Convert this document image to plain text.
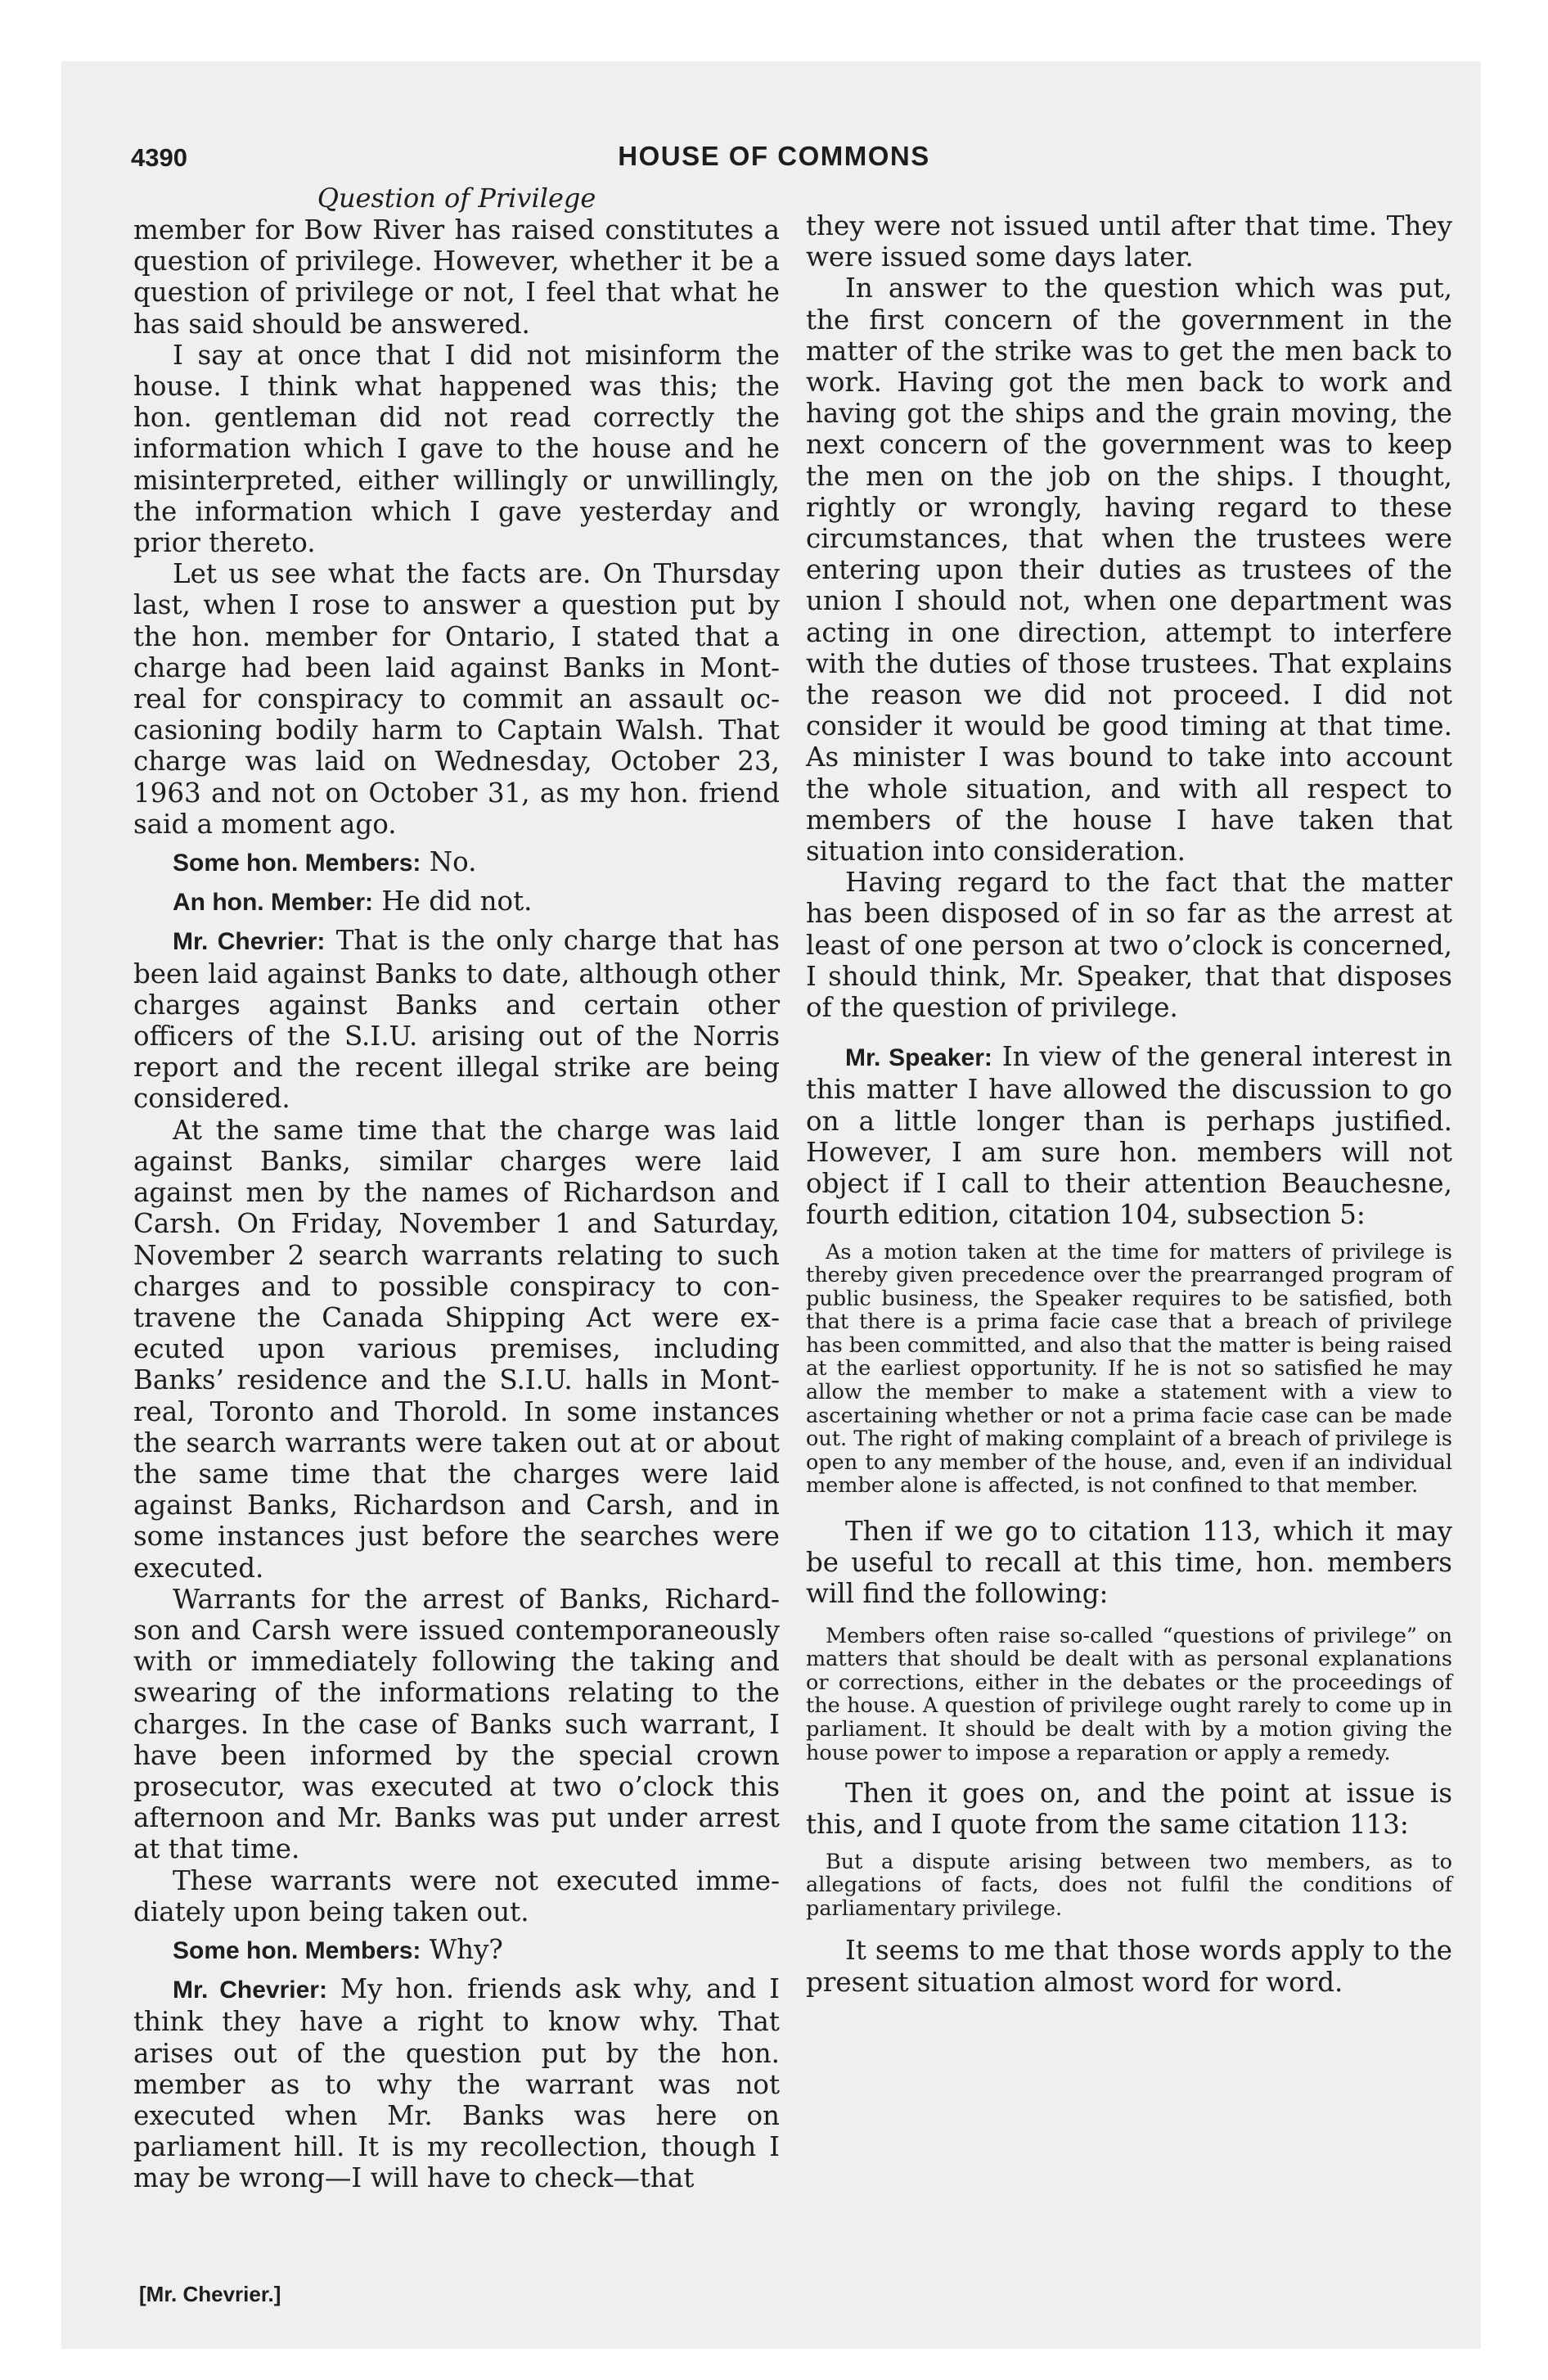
4390	HOUSE OF COMMONS
Question of Privilege

member for Bow River has raised constitutes a question of privilege. However, whether it be a question of privilege or not, I feel that what he has said should be answered.

I say at once that I did not misinform the house. I think what happened was this; the hon. gentleman did not read correctly the information which I gave to the house and he misinterpreted, either willingly or unwillingly, the information which I gave yesterday and prior thereto.

Let us see what the facts are. On Thursday last, when I rose to answer a question put by the hon. member for Ontario, I stated that a charge had been laid against Banks in Montreal for conspiracy to commit an assault occasioning bodily harm to Captain Walsh. That charge was laid on Wednesday, October 23, 1963 and not on October 31, as my hon. friend said a moment ago.

Some hon. Members: No.

An hon. Member: He did not.

Mr. Chevrier: That is the only charge that has been laid against Banks to date, although other charges against Banks and certain other officers of the S.I.U. arising out of the Norris report and the recent illegal strike are being considered.

At the same time that the charge was laid against Banks, similar charges were laid against men by the names of Richardson and Carsh. On Friday, November 1 and Saturday, November 2 search warrants relating to such charges and to possible conspiracy to contravene the Canada Shipping Act were executed upon various premises, including Banks’ residence and the S.I.U. halls in Montreal, Toronto and Thorold. In some instances the search warrants were taken out at or about the same time that the charges were laid against Banks, Richardson and Carsh, and in some instances just before the searches were executed.

Warrants for the arrest of Banks, Richardson and Carsh were issued contemporaneously with or immediately following the taking and swearing of the informations relating to the charges. In the case of Banks such warrant, I have been informed by the special crown prosecutor, was executed at two o’clock this afternoon and Mr. Banks was put under arrest at that time.

These warrants were not executed immediately upon being taken out.

Some hon. Members: Why?

Mr. Chevrier: My hon. friends ask why, and I think they have a right to know why. That arises out of the question put by the hon. member as to why the warrant was not executed when Mr. Banks was here on parliament hill. It is my recollection, though I may be wrong—I will have to check—that

they were not issued until after that time. They were issued some days later.

In answer to the question which was put, the first concern of the government in the matter of the strike was to get the men back to work. Having got the men back to work and having got the ships and the grain moving, the next concern of the government was to keep the men on the job on the ships. I thought, rightly or wrongly, having regard to these circumstances, that when the trustees were entering upon their duties as trustees of the union I should not, when one department was acting in one direction, attempt to interfere with the duties of those trustees. That explains the reason we did not proceed. I did not consider it would be good timing at that time. As minister I was bound to take into account the whole situation, and with all respect to members of the house I have taken that situation into consideration.

Having regard to the fact that the matter has been disposed of in so far as the arrest at least of one person at two o’clock is concerned, I should think, Mr. Speaker, that that disposes of the question of privilege.

Mr. Speaker: In view of the general interest in this matter I have allowed the discussion to go on a little longer than is perhaps justified. However, I am sure hon. members will not object if I call to their attention Beauchesne, fourth edition, citation 104, subsection 5:

As a motion taken at the time for matters of privilege is thereby given precedence over the prearranged program of public business, the Speaker requires to be satisfied, both that there is a prima facie case that a breach of privilege has been committed, and also that the matter is being raised at the earliest opportunity. If he is not so satisfied he may allow the member to make a statement with a view to ascertaining whether or not a prima facie case can be made out. The right of making complaint of a breach of privilege is open to any member of the house, and, even if an individual member alone is affected, is not confined to that member.

Then if we go to citation 113, which it may be useful to recall at this time, hon. members will find the following:

Members often raise so-called “questions of privilege” on matters that should be dealt with as personal explanations or corrections, either in the debates or the proceedings of the house. A question of privilege ought rarely to come up in parliament. It should be dealt with by a motion giving the house power to impose a reparation or apply a remedy.

Then it goes on, and the point at issue is this, and I quote from the same citation 113:

But a dispute arising between two members, as to allegations of facts, does not fulfil the conditions of parliamentary privilege.

It seems to me that those words apply to the present situation almost word for word.

[Mr. Chevrier.]
